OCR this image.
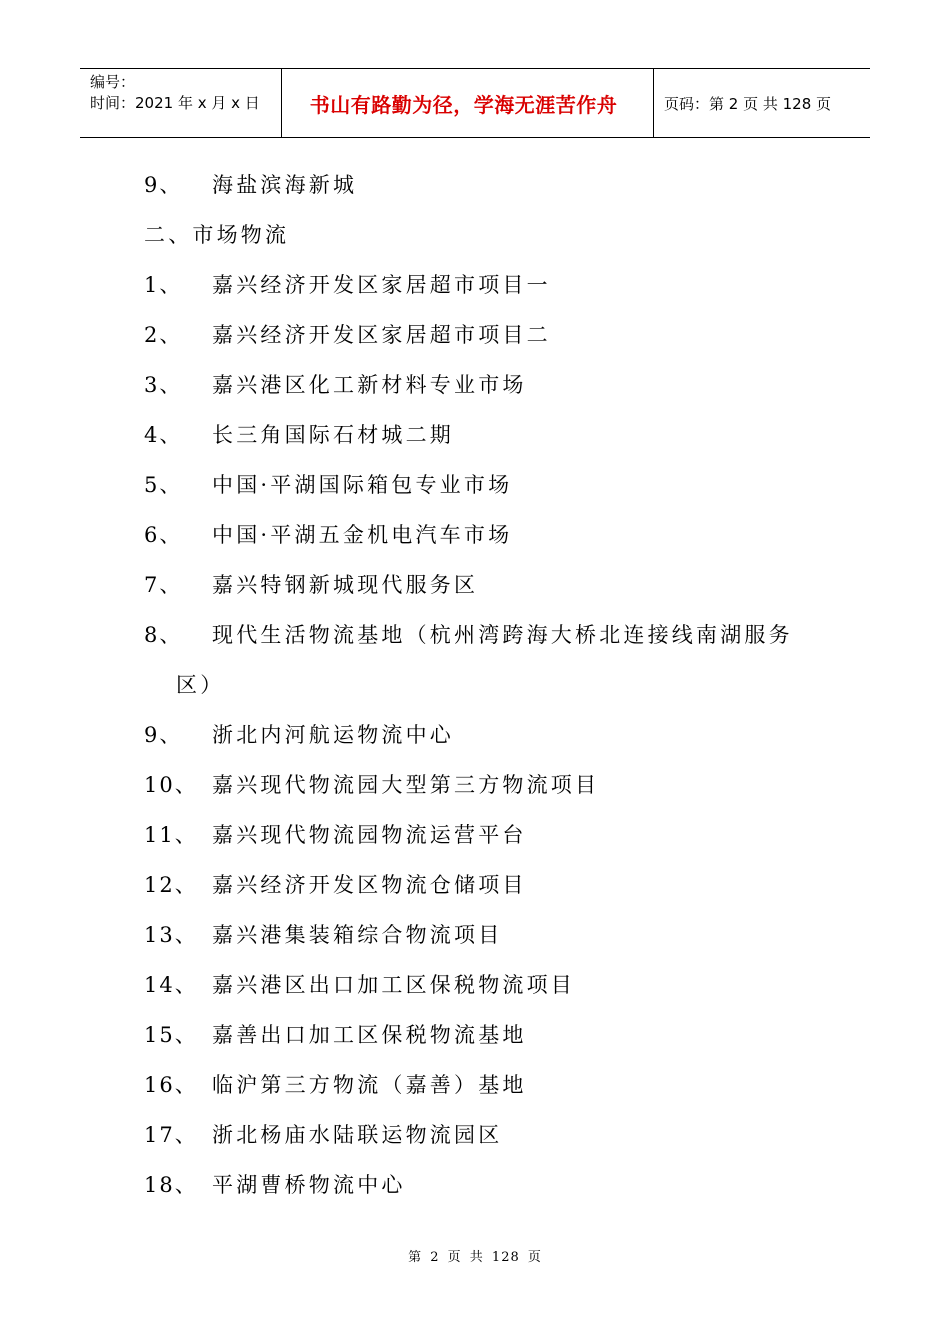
编号：
时间：2021 年 x 月 x 日	书山有路勤为径，学海无涯苦作舟	页码：第 2 页 共 128 页
9、	海盐滨海新城
二、市场物流
1、	嘉兴经济开发区家居超市项目一
2、	嘉兴经济开发区家居超市项目二
3、	嘉兴港区化工新材料专业市场
4、	长三角国际石材城二期
5、	中国·平湖国际箱包专业市场
6、	中国·平湖五金机电汽车市场
7、	嘉兴特钢新城现代服务区
8、	现代生活物流基地（杭州湾跨海大桥北连接线南湖服务
区）
9、	浙北内河航运物流中心
10、 嘉兴现代物流园大型第三方物流项目
11、 嘉兴现代物流园物流运营平台
12、 嘉兴经济开发区物流仓储项目
13、 嘉兴港集装箱综合物流项目
14、 嘉兴港区出口加工区保税物流项目
15、 嘉善出口加工区保税物流基地
16、 临沪第三方物流（嘉善）基地
17、 浙北杨庙水陆联运物流园区
18、 平湖曹桥物流中心
第 2 页 共 128 页
